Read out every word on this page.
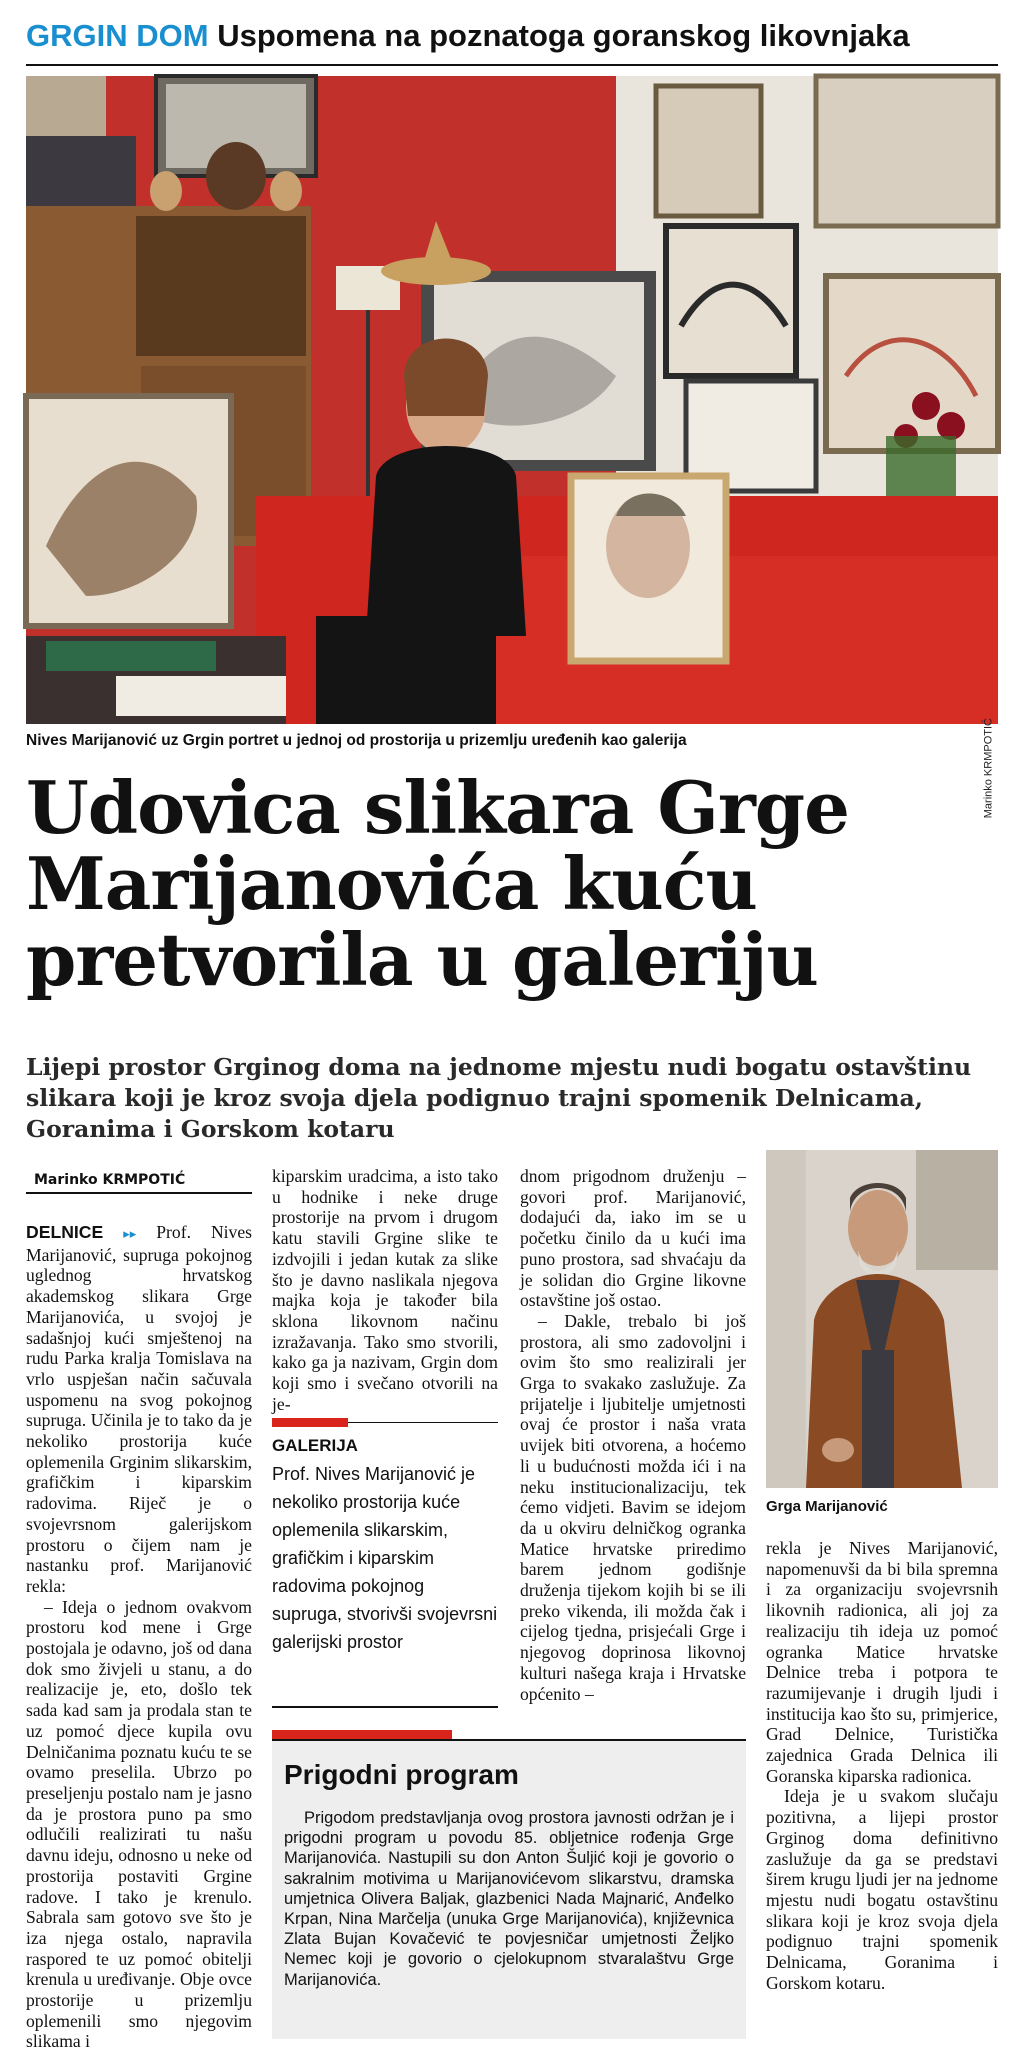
GRGIN DOM Uspomena na poznatoga goranskog likovnjaka
Marinko KRMPOTIĆ
Nives Marijanović uz Grgin portret u jednoj od prostorija u prizemlju uređenih kao galerija
Udovica slikara Grge
Marijanovića kuću
pretvorila u galeriju
Lijepi prostor Grginog doma na jednome mjestu nudi bogatu ostavštinu slikara koji je kroz svoja djela podignuo trajni spomenik Delnicama, Goranima i Gorskom kotaru
Marinko KRMPOTIĆ

DELNICE ▸▸ Prof. Nives Marijanović, supruga pokojnog uglednog hrvatskog akademskog slikara Grge Marijanovića, u svojoj je sadašnjoj kući smještenoj na rudu Parka kralja Tomislava na vrlo uspješan način sačuvala uspomenu na svog pokojnog supruga. Učinila je to tako da je nekoliko prostorija kuće oplemenila Grginim slikarskim, grafičkim i kiparskim radovima. Riječ je o svojevrsnom galerijskom prostoru o čijem nam je nastanku prof. Marijanović rekla:

– Ideja o jednom ovakvom prostoru kod mene i Grge postojala je odavno, još od dana dok smo živjeli u stanu, a do realizacije je, eto, došlo tek sada kad sam ja prodala stan te uz pomoć djece kupila ovu Delničanima poznatu kuću te se ovamo preselila. Ubrzo po preseljenju postalo nam je jasno da je prostora puno pa smo odlučili realizirati tu našu davnu ideju, odnosno u neke od prostorija postaviti Grgine radove. I tako je krenulo. Sabrala sam gotovo sve što je iza njega ostalo, napravila raspored te uz pomoć obitelji krenula u uređivanje. Obje ovce prostorije u prizemlju oplemenili smo njegovim slikama i

kiparskim uradcima, a isto tako u hodnike i neke druge prostorije na prvom i drugom katu stavili Grgine slike te izdvojili i jedan kutak za slike što je davno naslikala njegova majka koja je također bila sklona likovnom načinu izražavanja. Tako smo stvorili, kako ga ja nazivam, Grgin dom koji smo i svečano otvorili na je-

GALERIJA
Prof. Nives Marijanović je nekoliko prostorija kuće oplemenila slikarskim, grafičkim i kiparskim radovima pokojnog supruga, stvorivši svojevrsni galerijski prostor

dnom prigodnom druženju – govori prof. Marijanović, dodajući da, iako im se u početku činilo da u kući ima puno prostora, sad shvaćaju da je solidan dio Grgine likovne ostavštine još ostao.

– Dakle, trebalo bi još prostora, ali smo zadovoljni i ovim što smo realizirali jer Grga to svakako zaslužuje. Za prijatelje i ljubitelje umjetnosti ovaj će prostor i naša vrata uvijek biti otvorena, a hoćemo li u budućnosti možda ići i na neku institucionalizaciju, tek ćemo vidjeti. Bavim se idejom da u okviru delničkog ogranka Matice hrvatske priredimo barem jednom godišnje druženja tijekom kojih bi se ili preko vikenda, ili možda čak i cijelog tjedna, prisjećali Grge i njegovog doprinosa likovnoj kulturi našega kraja i Hrvatske općenito –

Prigodni program

Prigodom predstavljanja ovog prostora javnosti održan je i prigodni program u povodu 85. obljetnice rođenja Grge Marijanovića. Nastupili su don Anton Šuljić koji je govorio o sakralnim motivima u Marijanovićevom slikarstvu, dramska umjetnica Olivera Baljak, glazbenici Nada Majnarić, Anđelko Krpan, Nina Marčelja (unuka Grge Marijanovića), književnica Zlata Bujan Kovačević te povjesničar umjetnosti Željko Nemec koji je govorio o cjelokupnom stvaralaštvu Grge Marijanovića.

Grga Marijanović

rekla je Nives Marijanović, napomenuvši da bi bila spremna i za organizaciju svojevrsnih likovnih radionica, ali joj za realizaciju tih ideja uz pomoć ogranka Matice hrvatske Delnice treba i potpora te razumijevanje i drugih ljudi i institucija kao što su, primjerice, Grad Delnice, Turistička zajednica Grada Delnica ili Goranska kiparska radionica.

Ideja je u svakom slučaju pozitivna, a lijepi prostor Grginog doma definitivno zaslužuje da ga se predstavi širem krugu ljudi jer na jednome mjestu nudi bogatu ostavštinu slikara koji je kroz svoja djela podignuo trajni spomenik Delnicama, Goranima i Gorskom kotaru.
